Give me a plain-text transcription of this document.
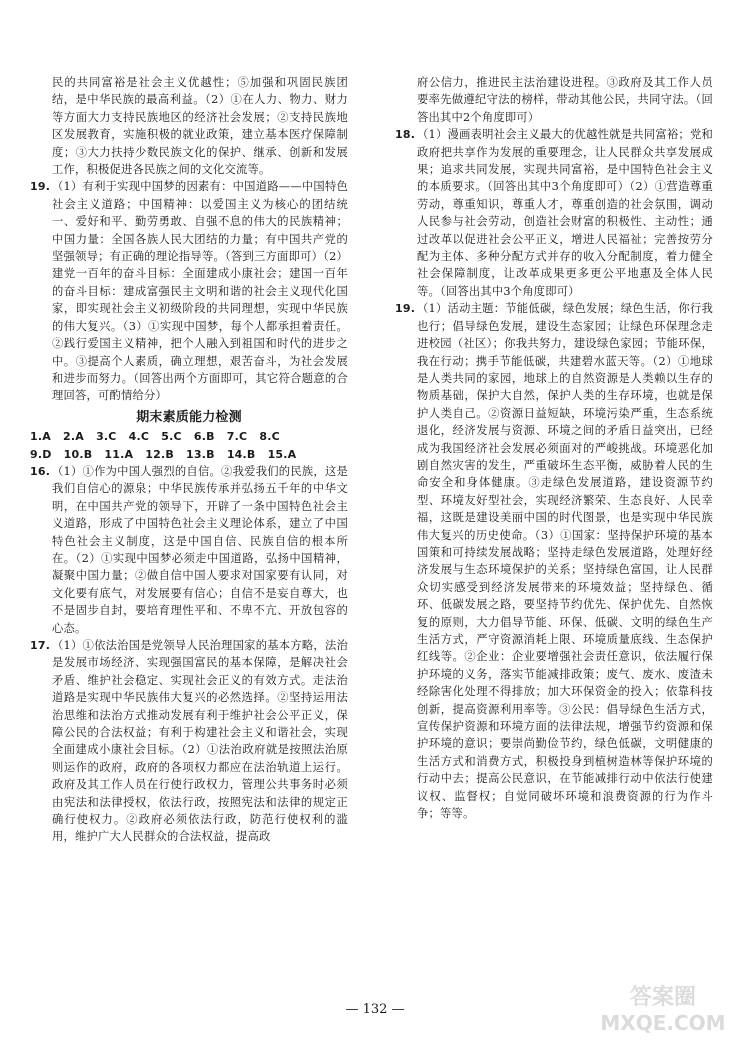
民的共同富裕是社会主义优越性；⑤加强和巩固民族团结，是中华民族的最高利益。（2）①在人力、物力、财力等方面大力支持民族地区的经济社会发展；②支持民族地区发展教育，实施积极的就业政策，建立基本医疗保障制度；③大力扶持少数民族文化的保护、继承、创新和发展工作，积极促进各民族之间的文化交流等。
19. （1）有利于实现中国梦的因素有：中国道路——中国特色社会主义道路；中国精神：以爱国主义为核心的团结统一、爱好和平、勤劳勇敢、自强不息的伟大的民族精神；中国力量：全国各族人民大团结的力量；有中国共产党的坚强领导；有正确的理论指导等。（答到三方面即可）（2）建党一百年的奋斗目标：全面建成小康社会；建国一百年的奋斗目标：建成富强民主文明和谐的社会主义现代化国家，即实现社会主义初级阶段的共同理想，实现中华民族的伟大复兴。（3）①实现中国梦，每个人都承担着责任。②践行爱国主义精神，把个人融入到祖国和时代的进步之中。③提高个人素质，确立理想，艰苦奋斗，为社会发展和进步而努力。（回答出两个方面即可，其它符合题意的合理回答，可酌情给分）
期末素质能力检测
1.A   2.A   3.C   4.C   5.C   6.B   7.C   8.C
9.D   10.B   11.A   12.B   13.B   14.B   15.A
16. （1）①作为中国人强烈的自信。②我爱我们的民族，这是我们自信心的源泉；中华民族传承并弘扬五千年的中华文明，在中国共产党的领导下，开辟了一条中国特色社会主义道路，形成了中国特色社会主义理论体系，建立了中国特色社会主义制度，这是中国自信、民族自信的根本所在。（2）①实现中国梦必须走中国道路，弘扬中国精神，凝聚中国力量；②做自信中国人要求对国家要有认同，对文化要有底气，对发展要有信心；自信不是妄自尊大，也不是固步自封，要培育理性平和、不卑不亢、开放包容的心态。
17. （1）①依法治国是党领导人民治理国家的基本方略，法治是发展市场经济、实现强国富民的基本保障，是解决社会矛盾、维护社会稳定、实现社会正义的有效方式。走法治道路是实现中华民族伟大复兴的必然选择。②坚持运用法治思维和法治方式推动发展有利于维护社会公平正义，保障公民的合法权益；有利于构建社会主义和谐社会，实现全面建成小康社会目标。（2）①法治政府就是按照法治原则运作的政府，政府的各项权力都应在法治轨道上运行。政府及其工作人员在行使行政权力，管理公共事务时必须由宪法和法律授权，依法行政，按照宪法和法律的规定正确行使权力。②政府必须依法行政，防范行使权利的滥用，维护广大人民群众的合法权益，提高政
府公信力，推进民主法治建设进程。③政府及其工作人员要率先做遵纪守法的榜样，带动其他公民，共同守法。（回答出其中2个角度即可）
18. （1）漫画表明社会主义最大的优越性就是共同富裕；党和政府把共享作为发展的重要理念，让人民群众共享发展成果；追求共同发展，实现共同富裕，是中国特色社会主义的本质要求。（回答出其中3个角度即可）（2）①营造尊重劳动，尊重知识，尊重人才，尊重创造的社会氛围，调动人民参与社会劳动，创造社会财富的积极性、主动性；通过改革以促进社会公平正义，增进人民福祉；完善按劳分配为主体、多种分配方式并存的收入分配制度，着力健全社会保障制度，让改革成果更多更公平地惠及全体人民等。（回答出其中3个角度即可）
19. （1）活动主题：节能低碳，绿色发展；绿色生活，你行我也行；倡导绿色发展，建设生态家园；让绿色环保理念走进校园（社区）；你我共努力，建设绿色家园；节能环保，我在行动；携手节能低碳，共建碧水蓝天等。（2）①地球是人类共同的家园，地球上的自然资源是人类赖以生存的物质基础，保护大自然，保护人类的生存环境，也就是保护人类自己。②资源日益短缺，环境污染严重，生态系统退化，经济发展与资源、环境之间的矛盾日益突出，已经成为我国经济社会发展必须面对的严峻挑战。环境恶化加剧自然灾害的发生，严重破坏生态平衡，威胁着人民的生命安全和身体健康。③走绿色发展道路，建设资源节约型、环境友好型社会，实现经济繁荣、生态良好、人民幸福，这既是建设美丽中国的时代图景，也是实现中华民族伟大复兴的历史使命。（3）①国家：坚持保护环境的基本国策和可持续发展战略；坚持走绿色发展道路，处理好经济发展与生态环境保护的关系；坚持绿色富国，让人民群众切实感受到经济发展带来的环境效益；坚持绿色、循环、低碳发展之路，要坚持节约优先、保护优先、自然恢复的原则，大力倡导节能、环保、低碳、文明的绿色生产生活方式，严守资源消耗上限、环境质量底线、生态保护红线等。②企业：企业要增强社会责任意识，依法履行保护环境的义务，落实节能减排政策；废气、废水、废渣未经除害化处理不得排放；加大环保资金的投入；依靠科技创新，提高资源利用率等。③公民：倡导绿色生活方式，宣传保护资源和环境方面的法律法规，增强节约资源和保护环境的意识；要崇尚勤俭节约，绿色低碳，文明健康的生活方式和消费方式，积极投身到植树造林等保护环境的行动中去；提高公民意识，在节能减排行动中依法行使建议权、监督权；自觉同破坏环境和浪费资源的行为作斗争；等等。
— 132 —	答案圈
MXQE.COM
